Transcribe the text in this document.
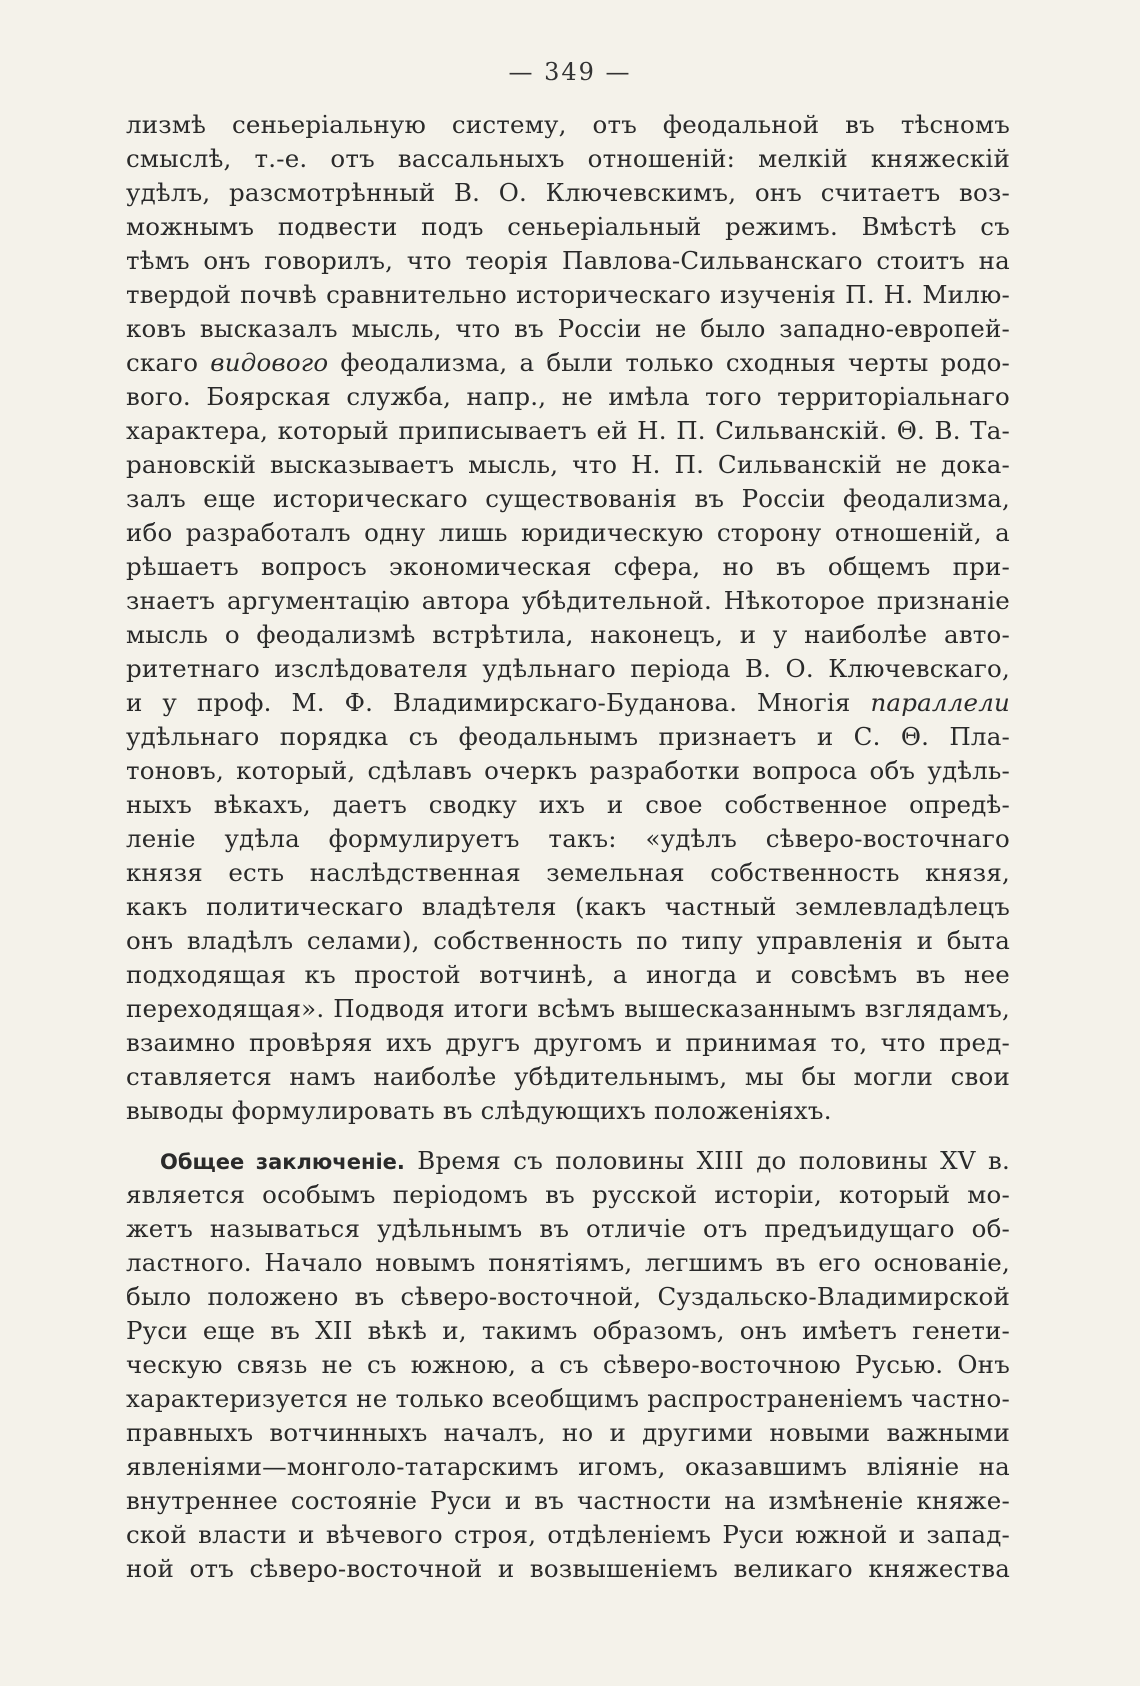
— 349 —
лизмѣ сеньеріальную систему, отъ феодальной въ тѣсномъ
смыслѣ, т.-е. отъ вассальныхъ отношеній: мелкій княжескій
удѣлъ, разсмотрѣнный В. О. Ключевскимъ, онъ считаетъ воз-
можнымъ подвести подъ сеньеріальный режимъ. Вмѣстѣ съ
тѣмъ онъ говорилъ, что теорія Павлова-Сильванскаго стоитъ на
твердой почвѣ сравнительно историческаго изученія П. Н. Милю-
ковъ высказалъ мысль, что въ Россіи не было западно-европей-
скаго видового феодализма, а были только сходныя черты родо-
вого. Боярская служба, напр., не имѣла того территоріальнаго
характера, который приписываетъ ей Н. П. Сильванскій. Θ. В. Та-
рановскій высказываетъ мысль, что Н. П. Сильванскій не дока-
залъ еще историческаго существованія въ Россіи феодализма,
ибо разработалъ одну лишь юридическую сторону отношеній, а
рѣшаетъ вопросъ экономическая сфера, но въ общемъ при-
знаетъ аргументацію автора убѣдительной. Нѣкоторое признаніе
мысль о феодализмѣ встрѣтила, наконецъ, и у наиболѣе авто-
ритетнаго изслѣдователя удѣльнаго періода В. О. Ключевскаго,
и у проф. М. Ф. Владимирскаго-Буданова. Многія параллели
удѣльнаго порядка съ феодальнымъ признаетъ и С. Θ. Пла-
тоновъ, который, сдѣлавъ очеркъ разработки вопроса объ удѣль-
ныхъ вѣкахъ, даетъ сводку ихъ и свое собственное опредѣ-
леніе удѣла формулируетъ такъ: «удѣлъ сѣверо-восточнаго
князя есть наслѣдственная земельная собственность князя,
какъ политическаго владѣтеля (какъ частный землевладѣлецъ
онъ владѣлъ селами), собственность по типу управленія и быта
подходящая къ простой вотчинѣ, а иногда и совсѣмъ въ нее
переходящая». Подводя итоги всѣмъ вышесказаннымъ взглядамъ,
взаимно провѣряя ихъ другъ другомъ и принимая то, что пред-
ставляется намъ наиболѣе убѣдительнымъ, мы бы могли свои
выводы формулировать въ слѣдующихъ положеніяхъ.
Общее заключеніе. Время съ половины XIII до половины XV в.
является особымъ періодомъ въ русской исторіи, который мо-
жетъ называться удѣльнымъ въ отличіе отъ предъидущаго об-
ластного. Начало новымъ понятіямъ, легшимъ въ его основаніе,
было положено въ сѣверо-восточной, Суздальско-Владимирской
Руси еще въ XII вѣкѣ и, такимъ образомъ, онъ имѣетъ генети-
ческую связь не съ южною, а съ сѣверо-восточною Русью. Онъ
характеризуется не только всеобщимъ распространеніемъ частно-
правныхъ вотчинныхъ началъ, но и другими новыми важными
явленіями—монголо-татарскимъ игомъ, оказавшимъ вліяніе на
внутреннее состояніе Руси и въ частности на измѣненіе княже-
ской власти и вѣчевого строя, отдѣленіемъ Руси южной и запад-
ной отъ сѣверо-восточной и возвышеніемъ великаго княжества
